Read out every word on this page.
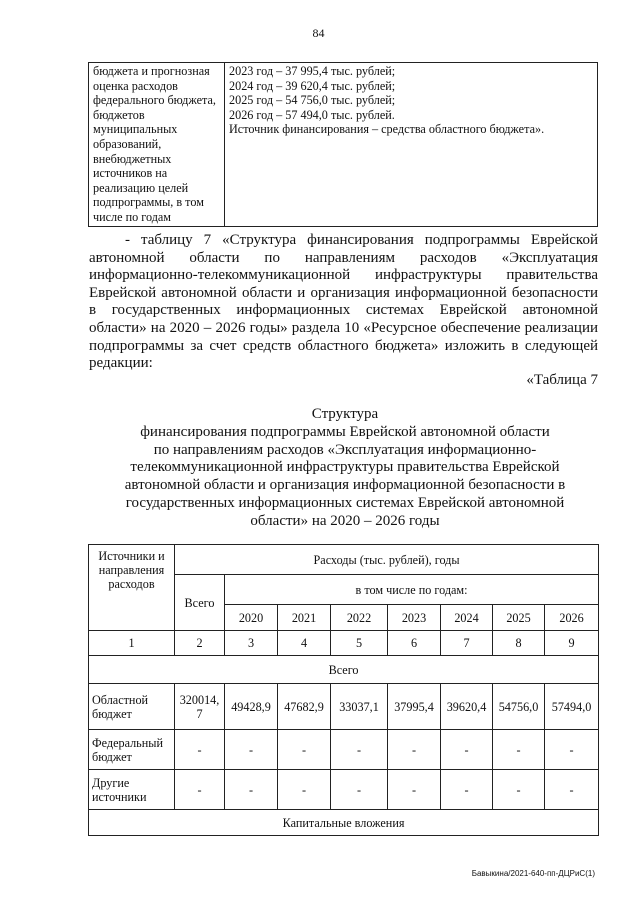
84
бюджета и прогнозная оценка расходов федерального бюджета, бюджетов муниципальных образований, внебюджетных источников на реализацию целей подпрограммы, в том числе по годам	
2023 год – 37 995,4 тыс. рублей;
2024 год – 39 620,4 тыс. рублей;
2025 год – 54 756,0 тыс. рублей;
2026 год – 57 494,0 тыс. рублей.
Источник финансирования – средства областного бюджета».
- таблицу 7 «Структура финансирования подпрограммы Еврейской автономной области по направлениям расходов «Эксплуатация информационно-телекоммуникационной инфраструктуры правительства Еврейской автономной области и организация информационной безопасности в государственных информационных системах Еврейской автономной области» на 2020 – 2026 годы» раздела 10 «Ресурсное обеспечение реализации подпрограммы за счет средств областного бюджета» изложить в следующей редакции:
«Таблица 7
Структура
финансирования подпрограммы Еврейской автономной области
по направлениям расходов «Эксплуатация информационно-
телекоммуникационной инфраструктуры правительства Еврейской
автономной области и организация информационной безопасности в
государственных информационных системах Еврейской автономной
области» на 2020 – 2026 годы
Источники и направления расходов	Расходы (тыс. рублей), годы							
	Всего	в том числе по годам:						
		2020	2021	2022	2023	2024	2025	2026
1	2	3	4	5	6	7	8	9
Всего								
Областной бюджет	320014,7	49428,9	47682,9	33037,1	37995,4	39620,4	54756,0	57494,0
Федеральный бюджет	-	-	-	-	-	-	-	-
Другие источники	-	-	-	-	-	-	-	-
Капитальные вложения								
Бавыкина/2021-640-пп-ДЦРиС(1)
